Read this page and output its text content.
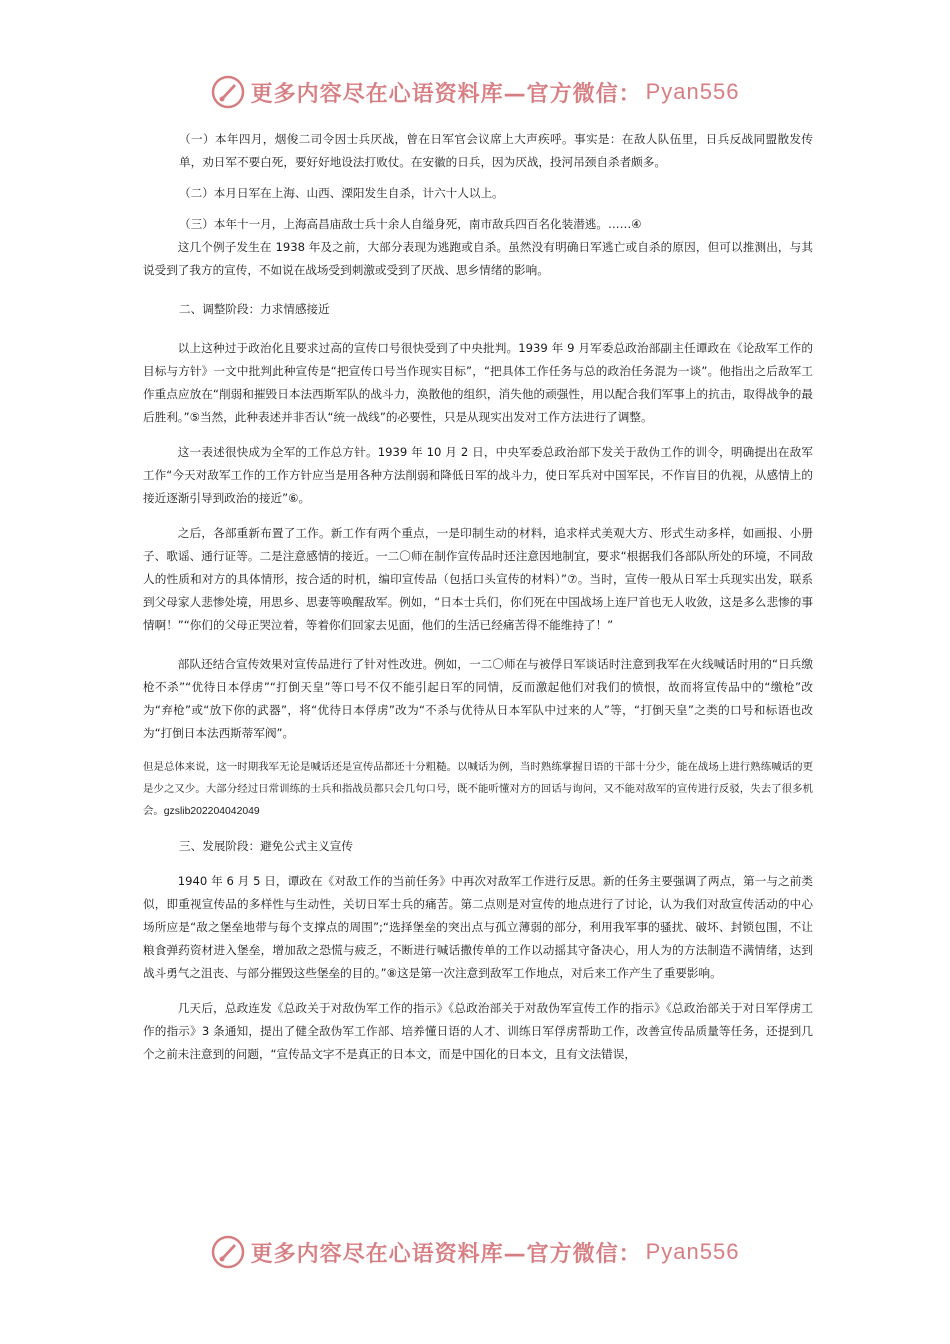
更多内容尽在心语资料库—官方微信： Pyan556

（一）本年四月，烟俊二司令因士兵厌战，曾在日军官会议席上大声疾呼。事实是：在敌人队伍里，日兵反战同盟散发传单，劝日军不要白死，要好好地设法打败仗。在安徽的日兵，因为厌战，投河吊颈自杀者颇多。

（二）本月日军在上海、山西、溧阳发生自杀，计六十人以上。

（三）本年十一月，上海高昌庙敌士兵十余人自缢身死，南市敌兵四百名化装潜逃。……④

这几个例子发生在 1938 年及之前，大部分表现为逃跑或自杀。虽然没有明确日军逃亡或自杀的原因，但可以推测出，与其说受到了我方的宣传，不如说在战场受到刺激或受到了厌战、思乡情绪的影响。

二、调整阶段：力求情感接近

以上这种过于政治化且要求过高的宣传口号很快受到了中央批判。1939 年 9 月军委总政治部副主任谭政在《论敌军工作的目标与方针》一文中批判此种宣传是“把宣传口号当作现实目标”，“把具体工作任务与总的政治任务混为一谈”。他指出之后敌军工作重点应放在“削弱和摧毁日本法西斯军队的战斗力，涣散他的组织，消失他的顽强性，用以配合我们军事上的抗击，取得战争的最后胜利。”⑤当然，此种表述并非否认“统一战线”的必要性，只是从现实出发对工作方法进行了调整。

这一表述很快成为全军的工作总方针。1939 年 10 月 2 日，中央军委总政治部下发关于敌伪工作的训令，明确提出在敌军工作“今天对敌军工作的工作方针应当是用各种方法削弱和降低日军的战斗力，使日军兵对中国军民，不作盲目的仇视，从感情上的接近逐渐引导到政治的接近”⑥。

之后，各部重新布置了工作。新工作有两个重点，一是印制生动的材料，追求样式美观大方、形式生动多样，如画报、小册子、歌谣、通行证等。二是注意感情的接近。一二〇师在制作宣传品时还注意因地制宜，要求“根据我们各部队所处的环境，不同敌人的性质和对方的具体情形，按合适的时机，编印宣传品（包括口头宣传的材料）”⑦。当时，宣传一般从日军士兵现实出发，联系到父母家人悲惨处境，用思乡、思妻等唤醒敌军。例如，“日本士兵们，你们死在中国战场上连尸首也无人收敛，这是多么悲惨的事情啊！”“你们的父母正哭泣着，等着你们回家去见面，他们的生活已经痛苦得不能维持了！”

部队还结合宣传效果对宣传品进行了针对性改进。例如，一二〇师在与被俘日军谈话时注意到我军在火线喊话时用的“日兵缴枪不杀”“优待日本俘虏”“打倒天皇”等口号不仅不能引起日军的同情，反而激起他们对我们的愤恨，故而将宣传品中的“缴枪”改为“弃枪”或“放下你的武器”，将“优待日本俘虏”改为“不杀与优待从日本军队中过来的人”等，“打倒天皇”之类的口号和标语也改为“打倒日本法西斯蒂军阀”。

但是总体来说，这一时期我军无论是喊话还是宣传品都还十分粗糙。以喊话为例，当时熟练掌握日语的干部十分少，能在战场上进行熟练喊话的更是少之又少。大部分经过日常训练的士兵和指战员都只会几句口号，既不能听懂对方的回话与询问，又不能对敌军的宣传进行反驳，失去了很多机会。gzslib202204042049

三、发展阶段：避免公式主义宣传

1940 年 6 月 5 日，谭政在《对敌工作的当前任务》中再次对敌军工作进行反思。新的任务主要强调了两点，第一与之前类似，即重视宣传品的多样性与生动性，关切日军士兵的痛苦。第二点则是对宣传的地点进行了讨论，认为我们对敌宣传活动的中心场所应是“敌之堡垒地带与每个支撑点的周围”;“选择堡垒的突出点与孤立薄弱的部分，利用我军事的骚扰、破坏、封锁包围，不让粮食弹药资材进入堡垒，增加敌之恐慌与疲乏，不断进行喊话撒传单的工作以动摇其守备决心，用人为的方法制造不满情绪，达到战斗勇气之沮丧、与部分摧毁这些堡垒的目的。”⑧这是第一次注意到敌军工作地点，对后来工作产生了重要影响。

几天后，总政连发《总政关于对敌伪军工作的指示》《总政治部关于对敌伪军宣传工作的指示》《总政治部关于对日军俘虏工作的指示》3 条通知，提出了健全敌伪军工作部、培养懂日语的人才、训练日军俘虏帮助工作，改善宣传品质量等任务，还提到几个之前未注意到的问题，“宣传品文字不是真正的日本文，而是中国化的日本文，且有文法错误，

更多内容尽在心语资料库—官方微信： Pyan556
